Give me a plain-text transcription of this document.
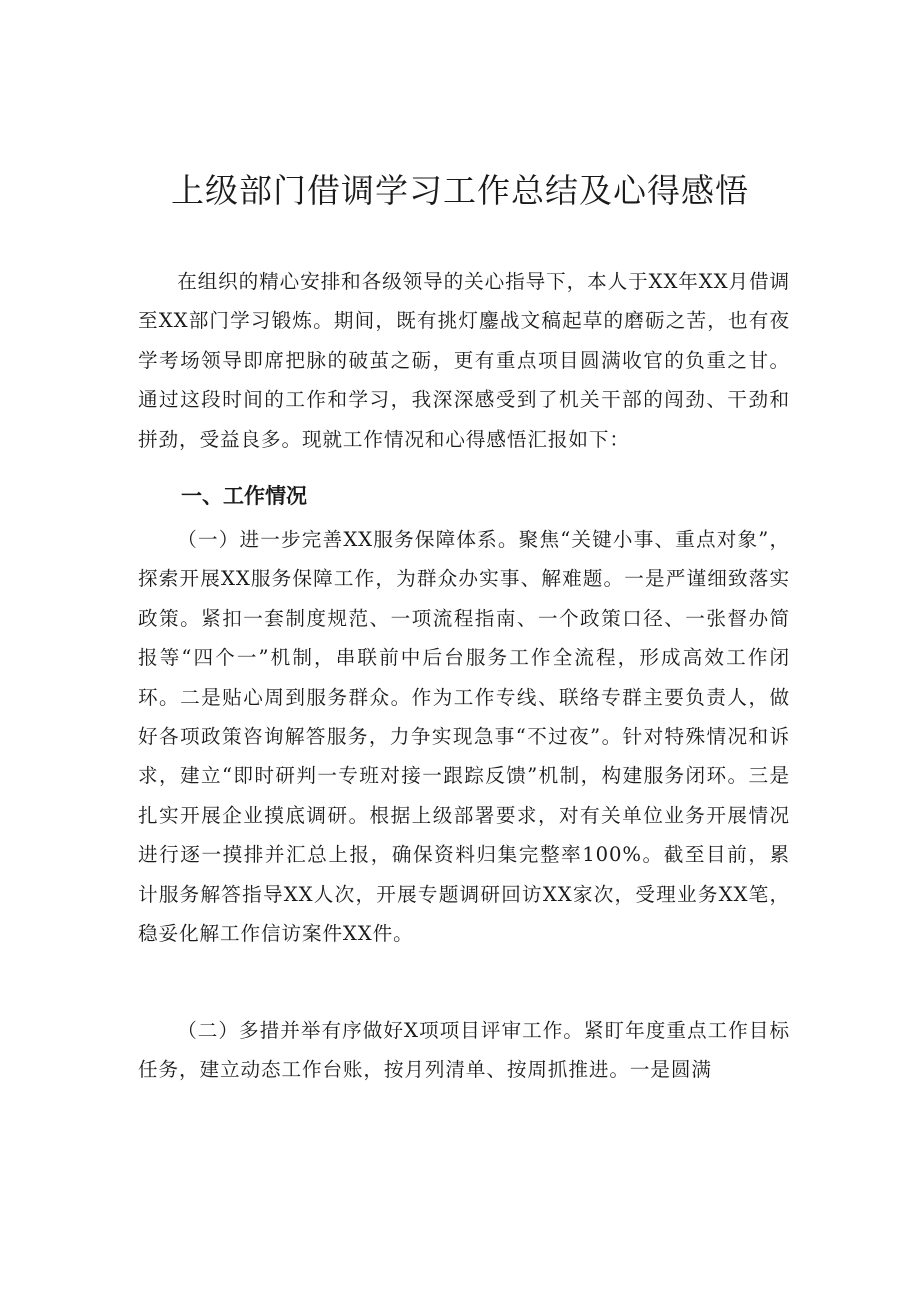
上级部门借调学习工作总结及心得感悟

在组织的精心安排和各级领导的关心指导下，本人于XX年XX月借调至XX部门学习锻炼。期间，既有挑灯鏖战文稿起草的磨砺之苦，也有夜学考场领导即席把脉的破茧之砺，更有重点项目圆满收官的负重之甘。通过这段时间的工作和学习，我深深感受到了机关干部的闯劲、干劲和拼劲，受益良多。现就工作情况和心得感悟汇报如下：

一、工作情况

（一）进一步完善XX服务保障体系。聚焦“关键小事、重点对象”，探索开展XX服务保障工作，为群众办实事、解难题。一是严谨细致落实政策。紧扣一套制度规范、一项流程指南、一个政策口径、一张督办简报等“四个一”机制，串联前中后台服务工作全流程，形成高效工作闭环。二是贴心周到服务群众。作为工作专线、联络专群主要负责人，做好各项政策咨询解答服务，力争实现急事“不过夜”。针对特殊情况和诉求，建立“即时研判一专班对接一跟踪反馈”机制，构建服务闭环。三是扎实开展企业摸底调研。根据上级部署要求，对有关单位业务开展情况进行逐一摸排并汇总上报，确保资料归集完整率100%。截至目前，累计服务解答指导XX人次，开展专题调研回访XX家次，受理业务XX笔，稳妥化解工作信访案件XX件。

（二）多措并举有序做好X项项目评审工作。紧盯年度重点工作目标任务，建立动态工作台账，按月列清单、按周抓推进。一是圆满
